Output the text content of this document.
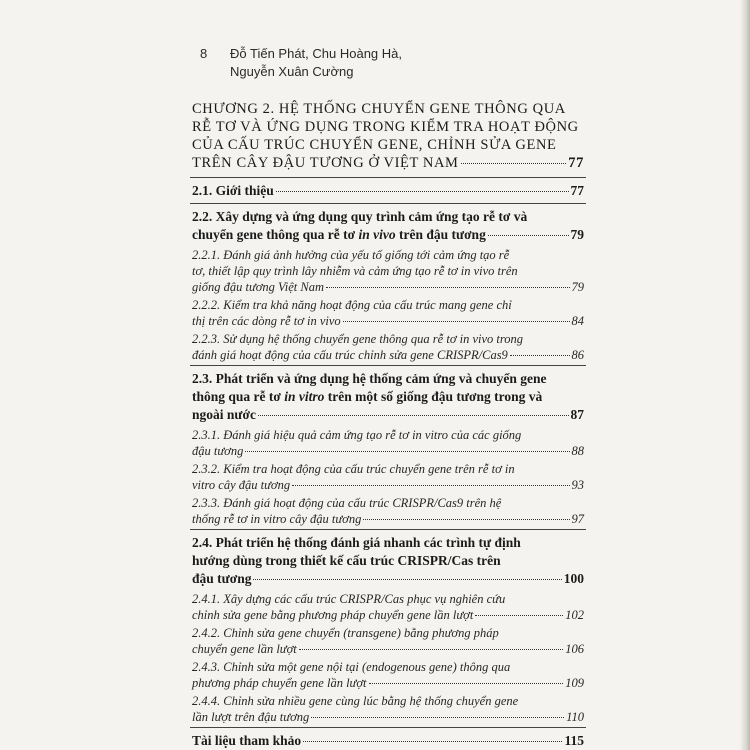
8 Đỗ Tiến Phát, Chu Hoàng Hà,
Nguyễn Xuân Cường
CHƯƠNG 2. HỆ THỐNG CHUYỂN GENE THÔNG QUA
RỄ TƠ VÀ ỨNG DỤNG TRONG KIỂM TRA HOẠT ĐỘNG
CỦA CẤU TRÚC CHUYỂN GENE, CHỈNH SỬA GENE
TRÊN CÂY ĐẬU TƯƠNG Ở VIỆT NAM	77
2.1. Giới thiệu	77
2.2. Xây dựng và ứng dụng quy trình cảm ứng tạo rễ tơ và
chuyển gene thông qua rễ tơ in vivo trên đậu tương	79
2.2.1. Đánh giá ảnh hưởng của yếu tố giống tới cảm ứng tạo rễ
tơ, thiết lập quy trình lây nhiễm và cảm ứng tạo rễ tơ in vivo trên
giống đậu tương Việt Nam	79
2.2.2. Kiểm tra khả năng hoạt động của cấu trúc mang gene chỉ
thị trên các dòng rễ tơ in vivo	84
2.2.3. Sử dụng hệ thống chuyển gene thông qua rễ tơ in vivo trong
đánh giá hoạt động của cấu trúc chỉnh sửa gene CRISPR/Cas9	86
2.3. Phát triển và ứng dụng hệ thống cảm ứng và chuyển gene
thông qua rễ tơ in vitro trên một số giống đậu tương trong và
ngoài nước	87
2.3.1. Đánh giá hiệu quả cảm ứng tạo rễ tơ in vitro của các giống
đậu tương	88
2.3.2. Kiểm tra hoạt động của cấu trúc chuyển gene trên rễ tơ in
vitro cây đậu tương	93
2.3.3. Đánh giá hoạt động của cấu trúc CRISPR/Cas9 trên hệ
thống rễ tơ in vitro cây đậu tương	97
2.4. Phát triển hệ thống đánh giá nhanh các trình tự định
hướng dùng trong thiết kế cấu trúc CRISPR/Cas trên
đậu tương	100
2.4.1. Xây dựng các cấu trúc CRISPR/Cas phục vụ nghiên cứu
chỉnh sửa gene bằng phương pháp chuyển gene lần lượt	102
2.4.2. Chỉnh sửa gene chuyển (transgene) bằng phương pháp
chuyển gene lần lượt	106
2.4.3. Chỉnh sửa một gene nội tại (endogenous gene) thông qua
phương pháp chuyển gene lần lượt	109
2.4.4. Chỉnh sửa nhiều gene cùng lúc bằng hệ thống chuyển gene
lần lượt trên đậu tương	110
Tài liệu tham khảo	115
